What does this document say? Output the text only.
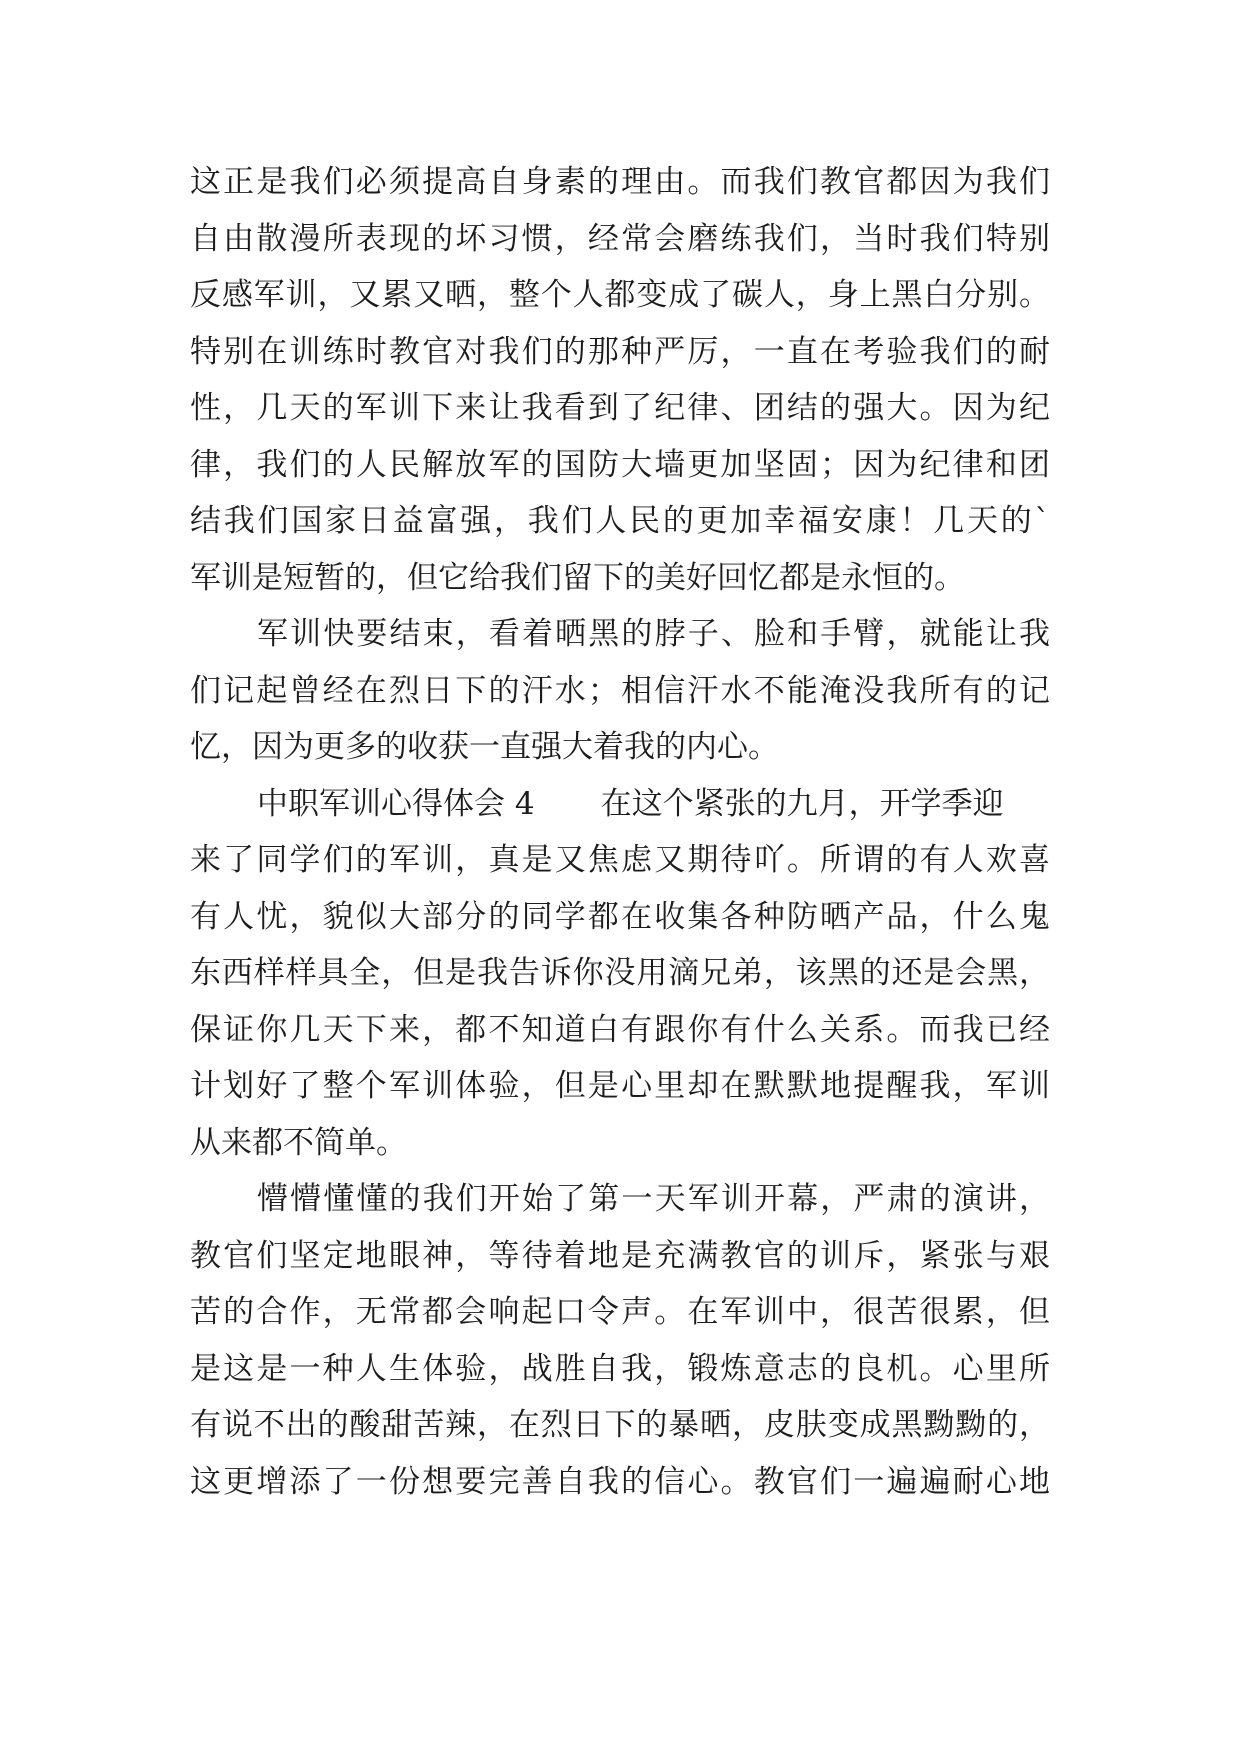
这正是我们必须提高自身素的理由。而我们教官都因为我们
自由散漫所表现的坏习惯，经常会磨练我们，当时我们特别
反感军训，又累又晒，整个人都变成了碳人，身上黑白分别。
特别在训练时教官对我们的那种严厉，一直在考验我们的耐
性，几天的军训下来让我看到了纪律、团结的强大。因为纪
律，我们的人民解放军的国防大墙更加坚固；因为纪律和团
结我们国家日益富强，我们人民的更加幸福安康！几天的`
军训是短暂的，但它给我们留下的美好回忆都是永恒的。
军训快要结束，看着晒黑的脖子、脸和手臂，就能让我
们记起曾经在烈日下的汗水；相信汗水不能淹没我所有的记
忆，因为更多的收获一直强大着我的内心。
中职军训心得体会 4 在这个紧张的九月，开学季迎
来了同学们的军训，真是又焦虑又期待吖。所谓的有人欢喜
有人忧，貌似大部分的同学都在收集各种防晒产品，什么鬼
东西样样具全，但是我告诉你没用滴兄弟，该黑的还是会黑，
保证你几天下来，都不知道白有跟你有什么关系。而我已经
计划好了整个军训体验，但是心里却在默默地提醒我，军训
从来都不简单。
懵懵懂懂的我们开始了第一天军训开幕，严肃的演讲，
教官们坚定地眼神，等待着地是充满教官的训斥，紧张与艰
苦的合作，无常都会响起口令声。在军训中，很苦很累，但
是这是一种人生体验，战胜自我，锻炼意志的良机。心里所
有说不出的酸甜苦辣，在烈日下的暴晒，皮肤变成黑黝黝的，
这更增添了一份想要完善自我的信心。教官们一遍遍耐心地
